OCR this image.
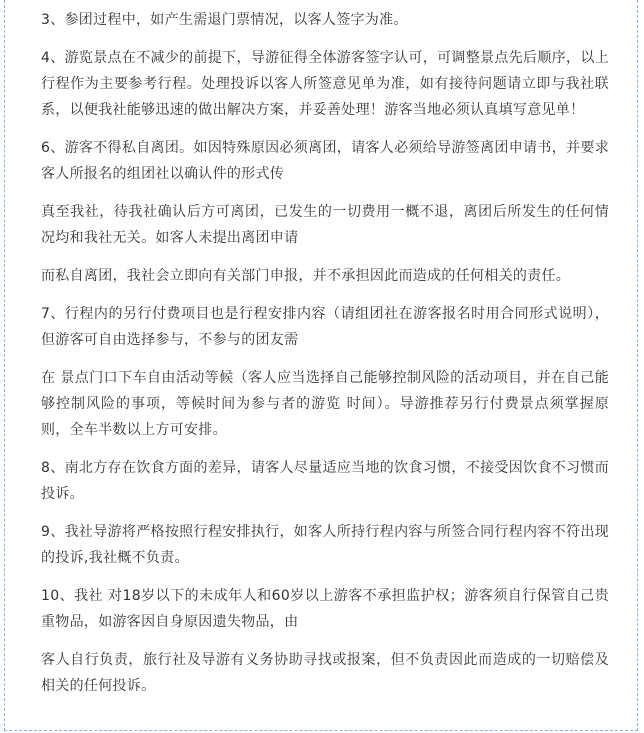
3、参团过程中，如产生需退门票情况，以客人签字为准。

4、游览景点在不减少的前提下，导游征得全体游客签字认可，可调整景点先后顺序，以上行程作为主要参考行程。处理投诉以客人所签意见单为准，如有接待问题请立即与我社联系，以便我社能够迅速的做出解决方案，并妥善处理！游客当地必须认真填写意见单！

6、游客不得私自离团。如因特殊原因必须离团，请客人必须给导游签离团申请书，并要求客人所报名的组团社以确认件的形式传

真至我社，待我社确认后方可离团，已发生的一切费用一概不退，离团后所发生的任何情况均和我社无关。如客人未提出离团申请

而私自离团，我社会立即向有关部门申报，并不承担因此而造成的任何相关的责任。

7、行程内的另行付费项目也是行程安排内容（请组团社在游客报名时用合同形式说明），但游客可自由选择参与，不参与的团友需

在 景点门口下车自由活动等候（客人应当选择自己能够控制风险的活动项目，并在自己能够控制风险的事项，等候时间为参与者的游览 时间）。导游推荐另行付费景点须掌握原则，全车半数以上方可安排。

8、南北方存在饮食方面的差异，请客人尽量适应当地的饮食习惯，不接受因饮食不习惯而投诉。

9、我社导游将严格按照行程安排执行，如客人所持行程内容与所签合同行程内容不符出现的投诉,我社概不负责。

10、我社 对18岁以下的未成年人和60岁以上游客不承担监护权；游客须自行保管自己贵重物品，如游客因自身原因遗失物品，由

客人自行负责，旅行社及导游有义务协助寻找或报案，但不负责因此而造成的一切赔偿及相关的任何投诉。
